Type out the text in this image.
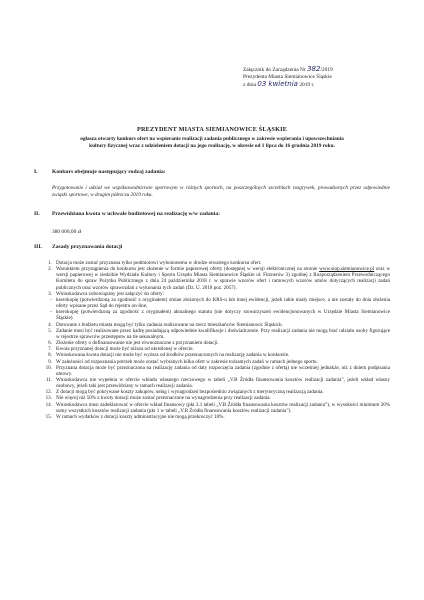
Załącznik do Zarządzenia Nr 382/2019
Prezydenta Miasta Siemianowice Śląskie
z dnia 03 kwietnia 2019 r.
PREZYDENT MIASTA SIEMIANOWICE ŚLĄSKIE
ogłasza otwarty konkurs ofert na wspieranie realizacji zadania publicznego w zakresie wspierania i upowszechniania kultury fizycznej wraz z udzieleniem dotacji na jego realizację, w okresie od 1 lipca do 16 grudnia 2019 roku.
I.	Konkurs obejmuje następujący rodzaj zadania:
Przygotowanie i udział we współzawodnictwie sportowym w różnych sportach, na poszczególnych szczeblach rozgrywek, prowadzonych przez odpowiednie związki sportowe, w drugim półroczu 2019 roku.
II. Przewidziana kwota w uchwale budżetowej na realizację w/w zadania:
380 000,00 zł
III. Zasady przyznawania dotacji
1. Dotacja może zostać przyznana tylko podmiotowi wyłonionemu w drodze otwartego konkursu ofert.
2. Warunkiem przystąpienia do konkursu jest złożenie w formie papierowej oferty (dostępnej w wersji elektronicznej na stronie www.siop.siemianowice.pl oraz w wersji papierowej w siedzibie Wydziału Kultury i Sportu Urzędu Miasta Siemianowice Śląskie ul. Fitznerów 3) zgodnej z Rozporządzeniem Przewodniczącego Komitetu do spraw Pożytku Publicznego z dnia 24 października 2018 r. w sprawie wzorów ofert i ramowych wzorów umów dotyczących realizacji zadań publicznych oraz wzorów sprawozdań z wykonania tych zadań (Dz. U. 2018 poz. 2057).
3. Wnioskodawca zobowiązany jest załączyć do oferty:
- kserokopię (potwierdzoną za zgodność z oryginałem) zmian złożonych do KRS-u lub innej ewidencji, jeżeli takie miały miejsce, a nie zostały do dnia złożenia oferty wpisane przez Sąd do rejestru on-line,
- kserokopię (potwierdzoną za zgodność z oryginałem) aktualnego statutu (nie dotyczy stowarzyszeń ewidencjonowanych w Urzędzie Miasta Siemianowice Śląskie).
4. Dotowane z budżetu miasta mogą być tylko zadania realizowane na rzecz mieszkańców Siemianowic Śląskich.
5. Zadanie musi być realizowane przez kadrę posiadającą odpowiednie kwalifikacje i doświadczenie. Przy realizacji zadania nie mogą brać udziału osoby figurujące w rejestrze sprawców przestępstw na tle seksualnym.
6. Złożenie oferty o dofinansowanie nie jest równoznaczne z przyznaniem dotacji.
7. Kwota przyznanej dotacji może być niższa od określonej w ofercie.
8. Wnioskowana kwota dotacji nie może być wyższa od środków przeznaczonych na realizację zadania w konkursie.
9. W zależności od rozpoznania potrzeb może zostać wybranych kilka ofert w zakresie tożsamych zadań w ramach jednego sportu.
10. Przyznana dotacja może być przeznaczona na realizację zadania od daty rozpoczęcia zadania (zgodnie z ofertą) nie wcześniej jednakże, niż z dniem podpisania umowy.
11. Wnioskodawca nie wypełnia w ofercie wkładu własnego rzeczowego w tabeli „V.B Źródła finansowania kosztów realizacji zadania”, jeżeli wkład własny osobowy, jeżeli taki jest przewidziany w ramach realizacji zadania.
12. Z dotacji mogą być pokrywane koszty zakupów, usług i wynagrodzeń bezpośrednio związanych z merytoryczną realizacją zadania.
13. Nie więcej niż 50% z kwoty dotacji może zostać przeznaczone na wynagrodzenia przy realizacji zadania.
14. Wnioskodawca musi zadeklarować w ofercie wkład finansowy (pkt 3.1 tabeli „V.B Źródła finansowania kosztów realizacji zadania”), w wysokości minimum 20% sumy wszystkich kosztów realizacji zadania (pkt 1 w tabeli „V.B Źródła finansowania kosztów realizacji zadania”).
15. W ramach wydatków z dotacji koszty administracyjne nie mogą przekroczyć 10%.
